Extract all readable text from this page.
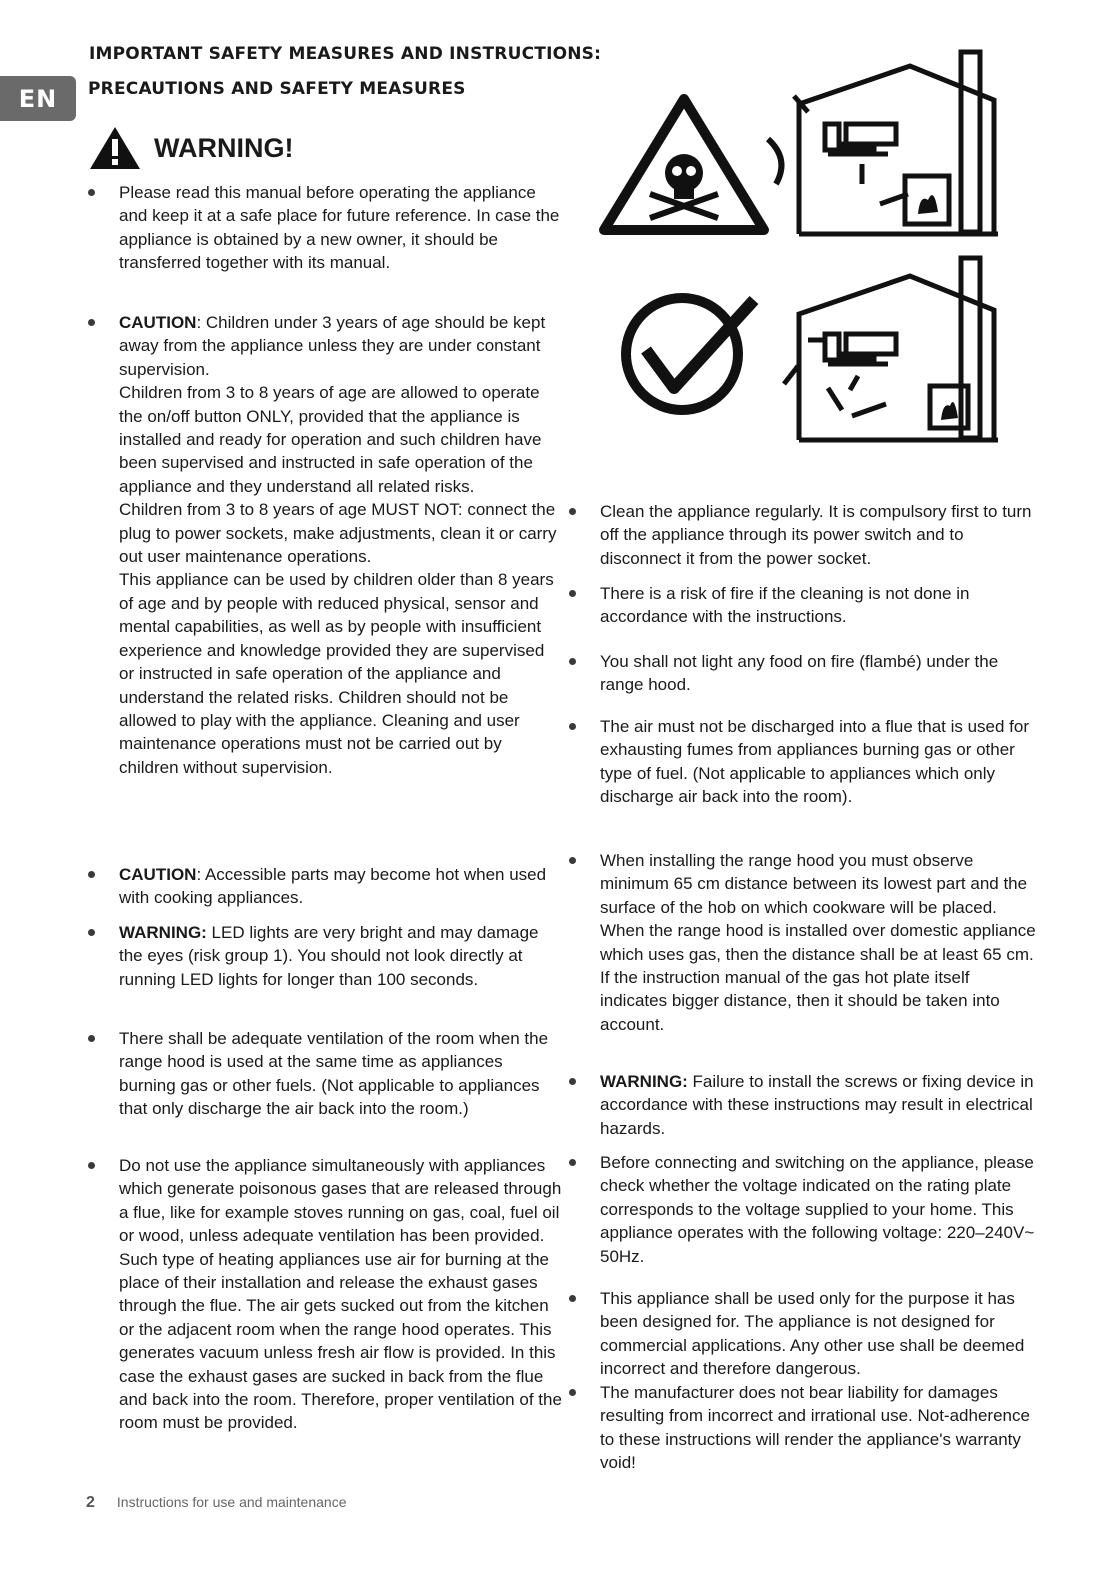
EN
IMPORTANT SAFETY MEASURES AND INSTRUCTIONS:
PRECAUTIONS AND SAFETY MEASURES
WARNING!

Please read this manual before operating the appliance and keep it at a safe place for future reference. In case the appliance is obtained by a new owner, it should be transferred together with its manual.

CAUTION: Children under 3 years of age should be kept away from the appliance unless they are under constant supervision.

Children from 3 to 8 years of age are allowed to operate the on/off button ONLY, provided that the appliance is installed and ready for operation and such children have been supervised and instructed in safe operation of the appliance and they understand all related risks.

Children from 3 to 8 years of age MUST NOT: connect the plug to power sockets, make adjustments, clean it or carry out user maintenance operations.

This appliance can be used by children older than 8 years of age and by people with reduced physical, sensor and mental capabilities, as well as by people with insufficient experience and knowledge provided they are supervised or instructed in safe operation of the appliance and understand the related risks. Children should not be allowed to play with the appliance. Cleaning and user maintenance operations must not be carried out by children without supervision.

CAUTION: Accessible parts may become hot when used with cooking appliances.

WARNING: LED lights are very bright and may damage the eyes (risk group 1). You should not look directly at running LED lights for longer than 100 seconds.

There shall be adequate ventilation of the room when the range hood is used at the same time as appliances burning gas or other fuels. (Not applicable to appliances that only discharge the air back into the room.)

Do not use the appliance simultaneously with appliances which generate poisonous gases that are released through a flue, like for example stoves running on gas, coal, fuel oil or wood, unless adequate ventilation has been provided. Such type of heating appliances use air for burning at the place of their installation and release the exhaust gases through the flue. The air gets sucked out from the kitchen or the adjacent room when the range hood operates. This generates vacuum unless fresh air flow is provided. In this case the exhaust gases are sucked in back from the flue and back into the room. Therefore, proper ventilation of the room must be provided.

Clean the appliance regularly. It is compulsory first to turn off the appliance through its power switch and to disconnect it from the power socket.

There is a risk of fire if the cleaning is not done in accordance with the instructions.

You shall not light any food on fire (flambé) under the range hood.

The air must not be discharged into a flue that is used for exhausting fumes from appliances burning gas or other type of fuel. (Not applicable to appliances which only discharge air back into the room).

When installing the range hood you must observe minimum 65 cm distance between its lowest part and the surface of the hob on which cookware will be placed.

When the range hood is installed over domestic appliance which uses gas, then the distance shall be at least 65 cm. If the instruction manual of the gas hot plate itself indicates bigger distance, then it should be taken into account.

WARNING: Failure to install the screws or fixing device in accordance with these instructions may result in electrical hazards.

Before connecting and switching on the appliance, please check whether the voltage indicated on the rating plate corresponds to the voltage supplied to your home. This appliance operates with the following voltage: 220–240V~ 50Hz.

This appliance shall be used only for the purpose it has been designed for. The appliance is not designed for commercial applications. Any other use shall be deemed incorrect and therefore dangerous.

The manufacturer does not bear liability for damages resulting from incorrect and irrational use. Not-adherence to these instructions will render the appliance's warranty void!

2 Instructions for use and maintenance
